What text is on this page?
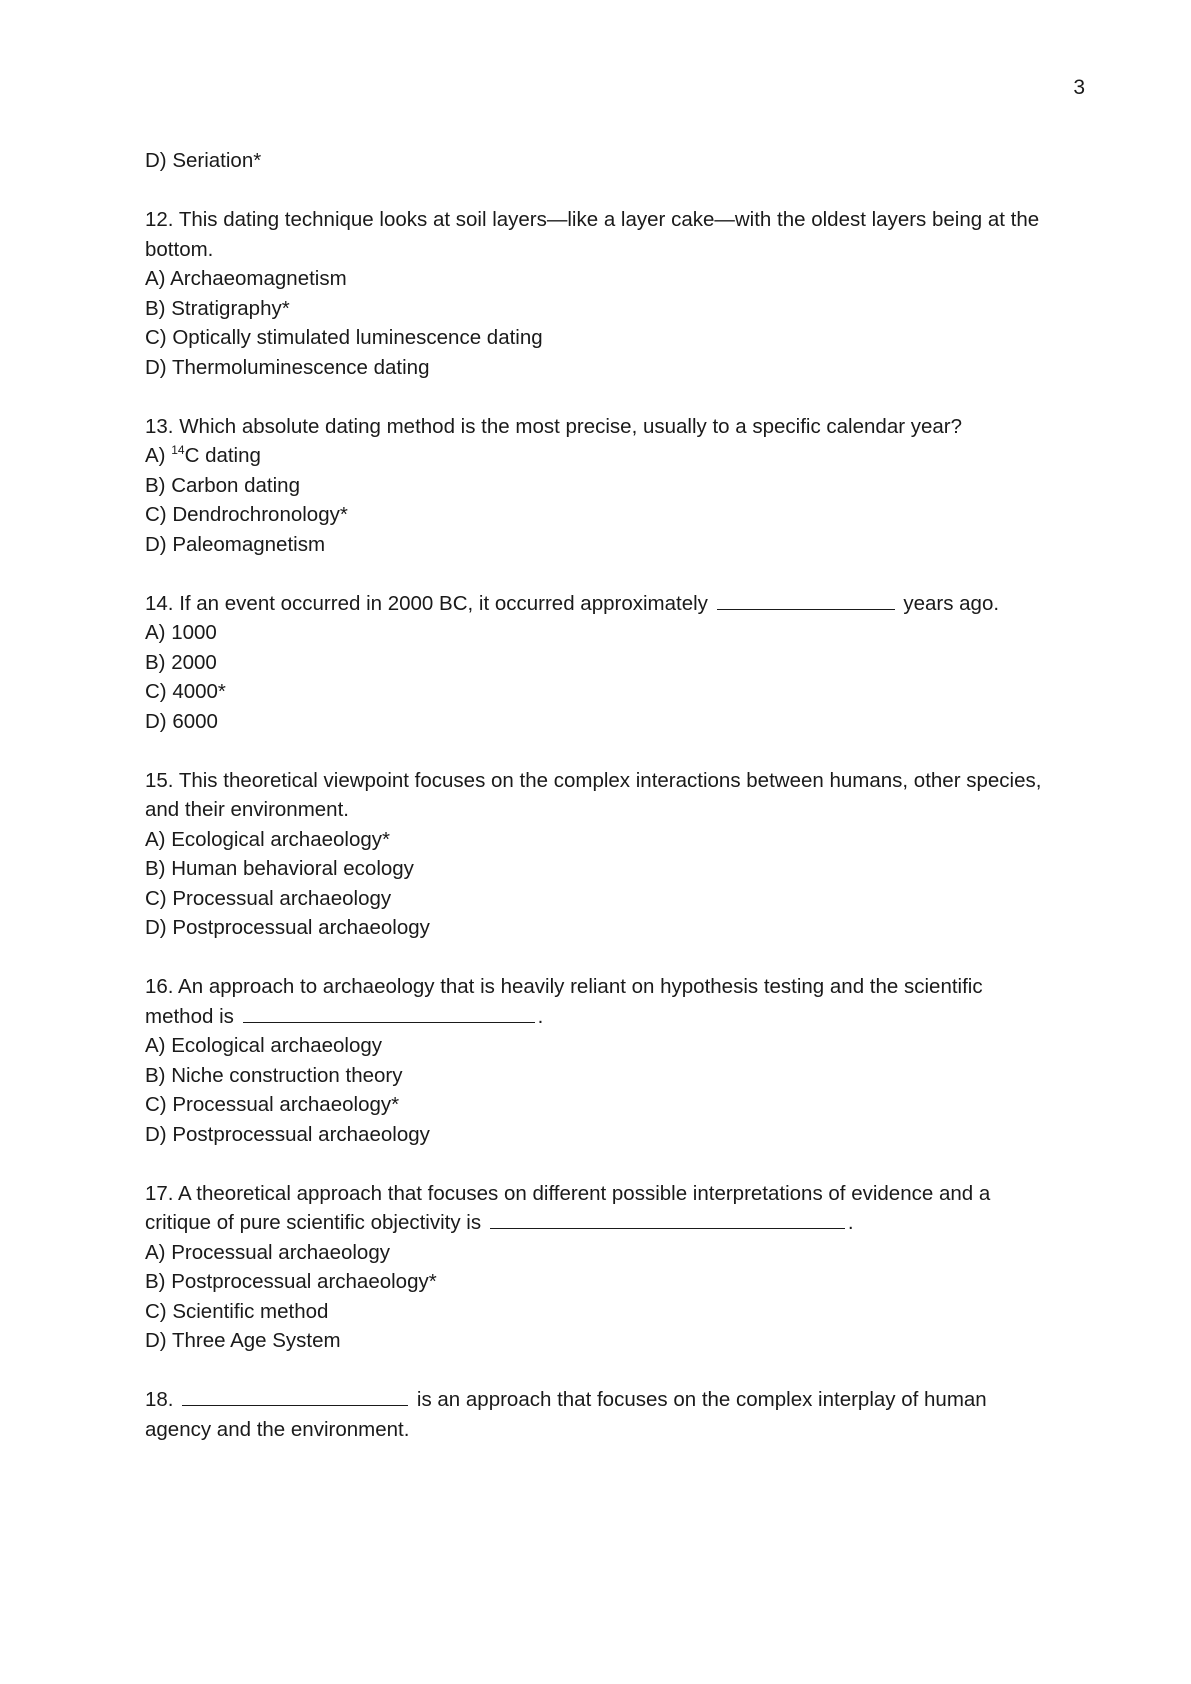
3
D) Seriation*
12. This dating technique looks at soil layers—like a layer cake—with the oldest layers being at the bottom.
A) Archaeomagnetism
B) Stratigraphy*
C) Optically stimulated luminescence dating
D) Thermoluminescence dating
13. Which absolute dating method is the most precise, usually to a specific calendar year?
A) $^{14}$C dating
B) Carbon dating
C) Dendrochronology*
D) Paleomagnetism
14. If an event occurred in 2000 BC, it occurred approximately	years ago.
A) 1000
B) 2000
C) 4000*
D) 6000
15. This theoretical viewpoint focuses on the complex interactions between humans, other species, and their environment.
A) Ecological archaeology*
B) Human behavioral ecology
C) Processual archaeology
D) Postprocessual archaeology
16. An approach to archaeology that is heavily reliant on hypothesis testing and the scientific
method is	.
A) Ecological archaeology
B) Niche construction theory
C) Processual archaeology*
D) Postprocessual archaeology
17. A theoretical approach that focuses on different possible interpretations of evidence and a
critique of pure scientific objectivity is	.
A) Processual archaeology
B) Postprocessual archaeology*
C) Scientific method
D) Three Age System
18.	is an approach that focuses on the complex interplay of human
agency and the environment.
